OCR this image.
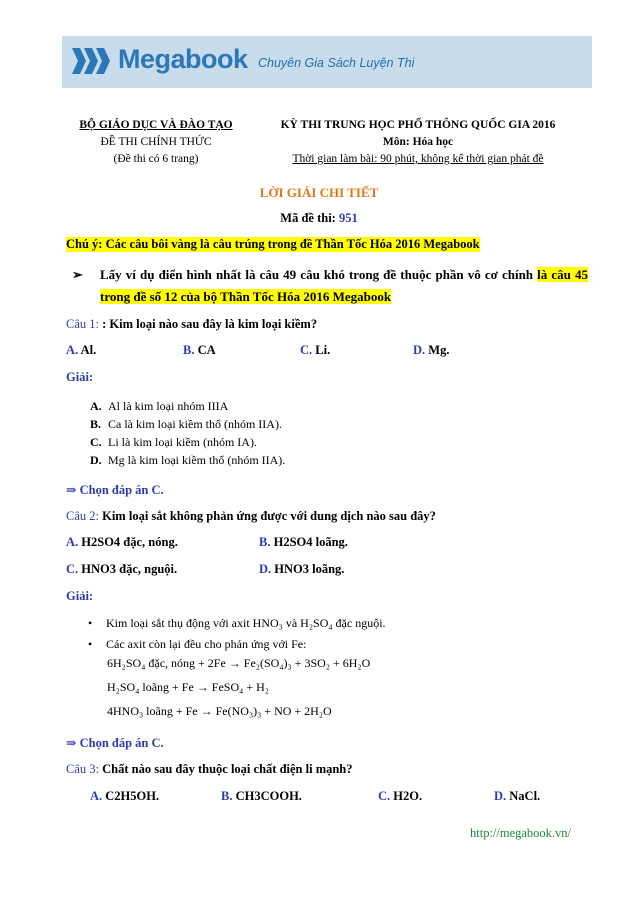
Megabook Chuyên Gia Sách Luyện Thi
BỘ GIÁO DỤC VÀ ĐÀO TẠO
ĐỀ THI CHÍNH THỨC
(Đề thi có 6 trang)
KỲ THI TRUNG HỌC PHỔ THÔNG QUỐC GIA 2016
Môn: Hóa học
Thời gian làm bài: 90 phút, không kể thời gian phát đề
LỜI GIẢI CHI TIẾT
Mã đề thi: 951
Chú ý: Các câu bôi vàng là câu trúng trong đề Thần Tốc Hóa 2016 Megabook
➢ Lấy ví dụ điển hình nhất là câu 49 câu khó trong đề thuộc phần vô cơ chính là câu 45 trong đề số 12 của bộ Thần Tốc Hóa 2016 Megabook
Câu 1: : Kim loại nào sau đây là kim loại kiềm?
A. Al.	B. CA	C. Li.	D. Mg.
Giải:
A. Al là kim loại nhóm IIIA
B. Ca là kim loại kiềm thổ (nhóm IIA).
C. Li là kim loại kiềm (nhóm IA).
D. Mg là kim loại kiềm thổ (nhóm IIA).
⇒ Chọn đáp án C.
Câu 2: Kim loại sắt không phản ứng được với dung dịch nào sau đây?
A. H2SO4 đặc, nóng.	B. H2SO4 loãng.
C. HNO3 đặc, nguội.	D. HNO3 loãng.
Giải:
• Kim loại sắt thụ động với axit HNO₃ và H₂SO₄ đặc nguội.
• Các axit còn lại đều cho phản ứng với Fe:
6H₂SO₄ đặc, nóng + 2Fe → Fe₂(SO₄)₃ + 3SO₂ + 6H₂O
H₂SO₄ loãng + Fe → FeSO₄ + H₂
4HNO₃ loãng + Fe → Fe(NO₃)₃ + NO + 2H₂O
⇒ Chọn đáp án C.
Câu 3: Chất nào sau đây thuộc loại chất điện li mạnh?
A. C2H5OH.	B. CH3COOH.	C. H2O.	D. NaCl.
http://megabook.vn/
